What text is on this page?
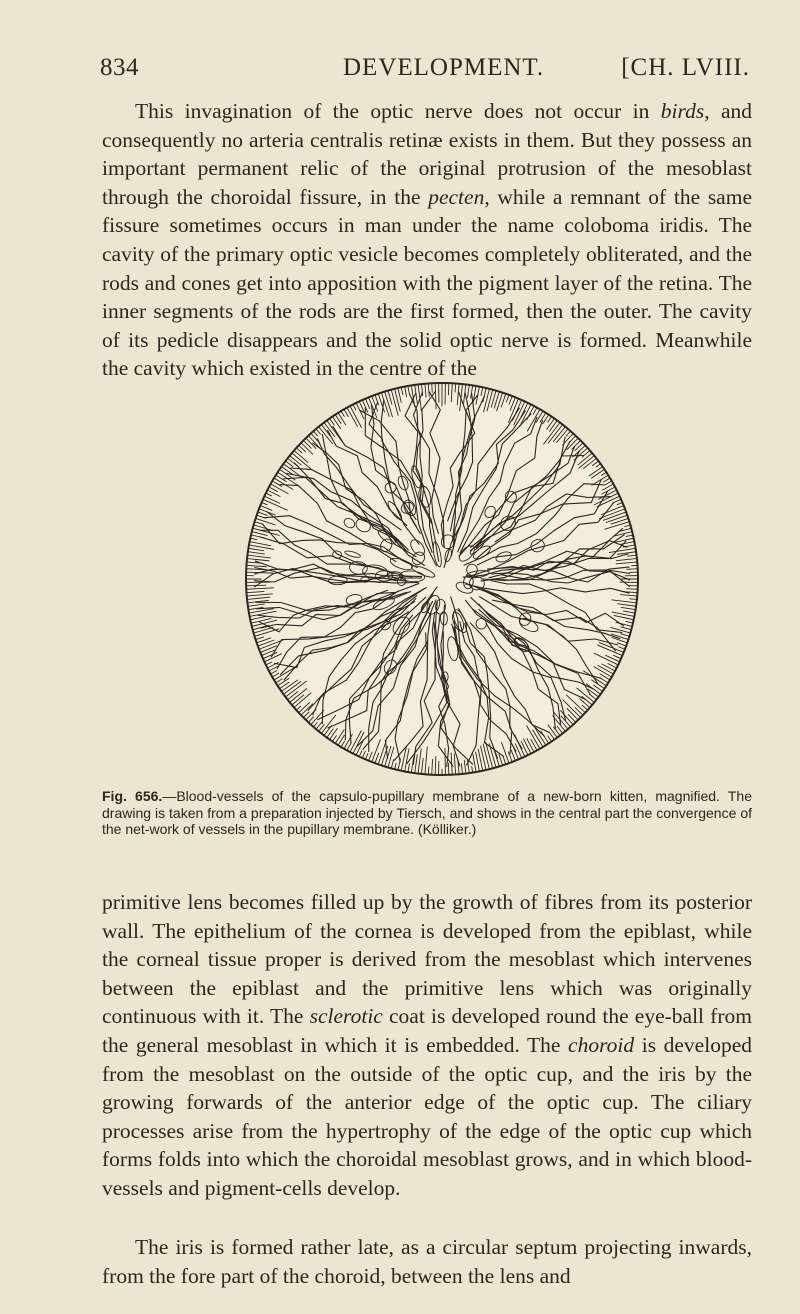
834	DEVELOPMENT.	[CH. LVIII.

This invagination of the optic nerve does not occur in birds, and consequently no arteria centralis retinæ exists in them. But they possess an important permanent relic of the original protrusion of the mesoblast through the choroidal fissure, in the pecten, while a remnant of the same fissure sometimes occurs in man under the name coloboma iridis. The cavity of the primary optic vesicle becomes completely obliterated, and the rods and cones get into apposition with the pigment layer of the retina. The inner segments of the rods are the first formed, then the outer. The cavity of its pedicle disappears and the solid optic nerve is formed. Meanwhile the cavity which existed in the centre of the

Fig. 656.—Blood-vessels of the capsulo-pupillary membrane of a new-born kitten, magnified. The drawing is taken from a preparation injected by Tiersch, and shows in the central part the convergence of the net-work of vessels in the pupillary membrane. (Kölliker.)

primitive lens becomes filled up by the growth of fibres from its posterior wall. The epithelium of the cornea is developed from the epiblast, while the corneal tissue proper is derived from the mesoblast which intervenes between the epiblast and the primitive lens which was originally continuous with it. The sclerotic coat is developed round the eye-ball from the general mesoblast in which it is embedded. The choroid is developed from the mesoblast on the outside of the optic cup, and the iris by the growing forwards of the anterior edge of the optic cup. The ciliary processes arise from the hypertrophy of the edge of the optic cup which forms folds into which the choroidal mesoblast grows, and in which blood-vessels and pigment-cells develop.

The iris is formed rather late, as a circular septum projecting inwards, from the fore part of the choroid, between the lens and
